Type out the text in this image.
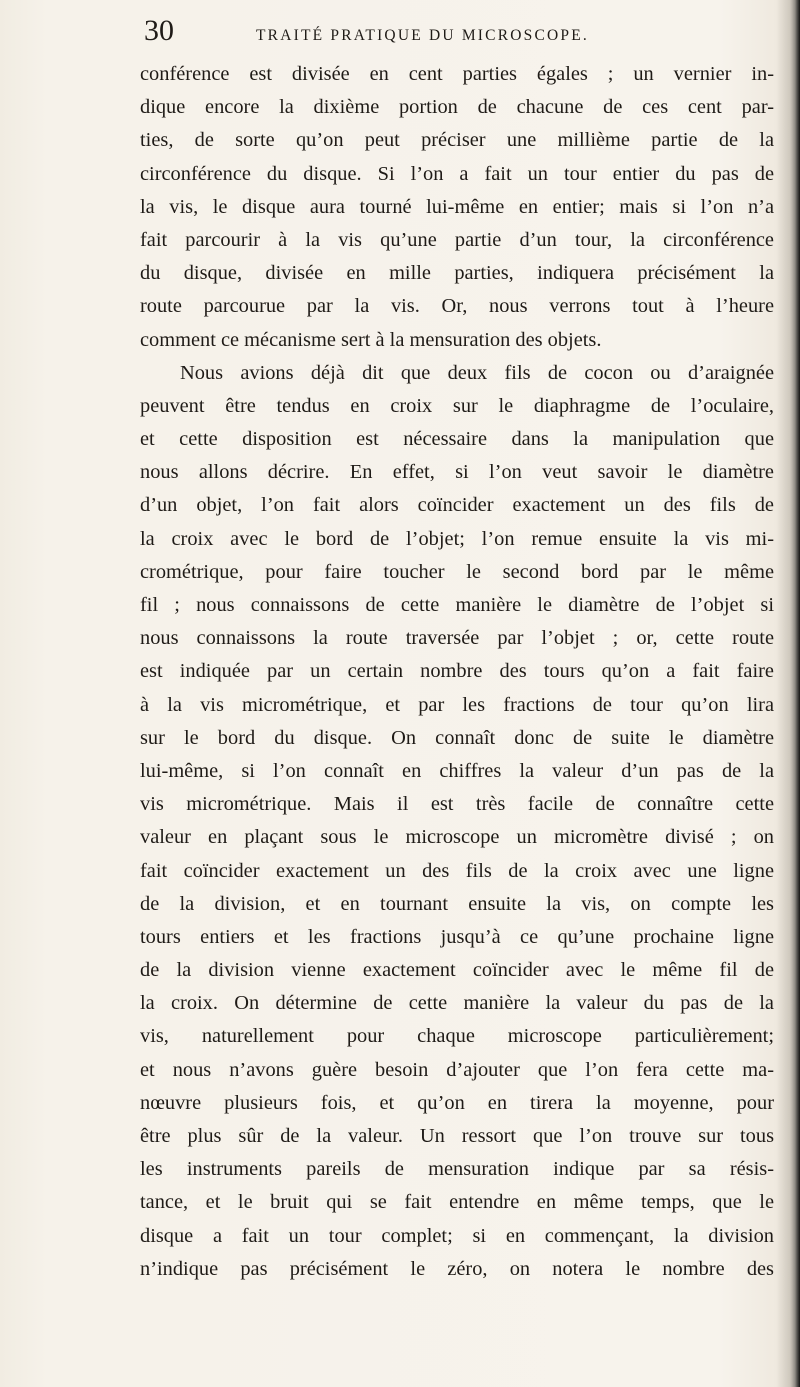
30	TRAITÉ PRATIQUE DU MICROSCOPE.
conférence est divisée en cent parties égales ; un vernier in-
dique encore la dixième portion de chacune de ces cent par-
ties, de sorte qu’on peut préciser une millième partie de la
circonférence du disque. Si l’on a fait un tour entier du pas de
la vis, le disque aura tourné lui-même en entier; mais si l’on n’a
fait parcourir à la vis qu’une partie d’un tour, la circonférence
du disque, divisée en mille parties, indiquera précisément la
route parcourue par la vis. Or, nous verrons tout à l’heure
comment ce mécanisme sert à la mensuration des objets.
Nous avions déjà dit que deux fils de cocon ou d’araignée
peuvent être tendus en croix sur le diaphragme de l’oculaire,
et cette disposition est nécessaire dans la manipulation que
nous allons décrire. En effet, si l’on veut savoir le diamètre
d’un objet, l’on fait alors coïncider exactement un des fils de
la croix avec le bord de l’objet; l’on remue ensuite la vis mi-
crométrique, pour faire toucher le second bord par le même
fil ; nous connaissons de cette manière le diamètre de l’objet si
nous connaissons la route traversée par l’objet ; or, cette route
est indiquée par un certain nombre des tours qu’on a fait faire
à la vis micrométrique, et par les fractions de tour qu’on lira
sur le bord du disque. On connaît donc de suite le diamètre
lui-même, si l’on connaît en chiffres la valeur d’un pas de la
vis micrométrique. Mais il est très facile de connaître cette
valeur en plaçant sous le microscope un micromètre divisé ; on
fait coïncider exactement un des fils de la croix avec une ligne
de la division, et en tournant ensuite la vis, on compte les
tours entiers et les fractions jusqu’à ce qu’une prochaine ligne
de la division vienne exactement coïncider avec le même fil de
la croix. On détermine de cette manière la valeur du pas de la
vis, naturellement pour chaque microscope particulièrement;
et nous n’avons guère besoin d’ajouter que l’on fera cette ma-
nœuvre plusieurs fois, et qu’on en tirera la moyenne, pour
être plus sûr de la valeur. Un ressort que l’on trouve sur tous
les instruments pareils de mensuration indique par sa résis-
tance, et le bruit qui se fait entendre en même temps, que le
disque a fait un tour complet; si en commençant, la division
n’indique pas précisément le zéro, on notera le nombre des
